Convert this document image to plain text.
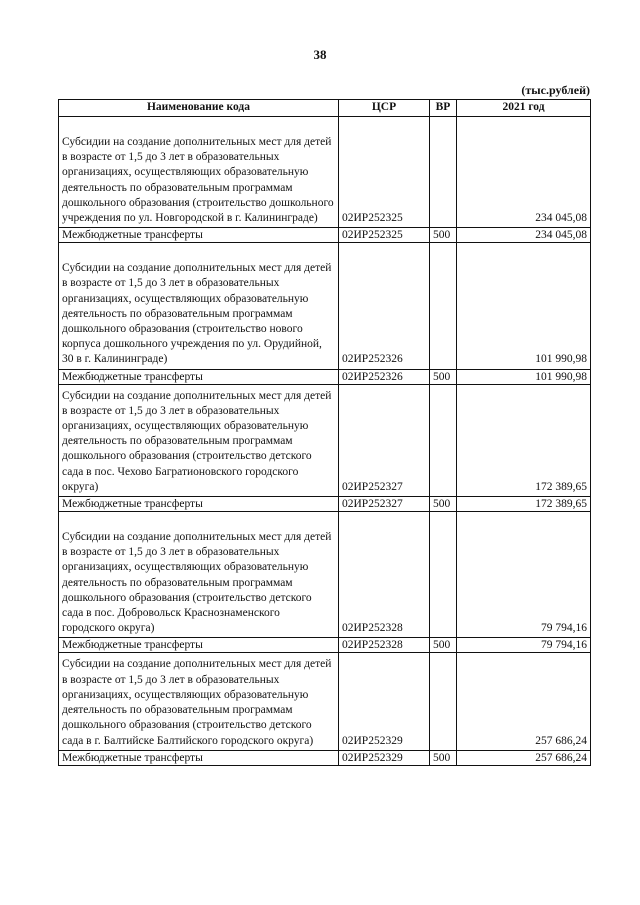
38
(тыс.рублей)
Наименование кода	ЦСР	ВР	2021 год
Субсидии на создание дополнительных мест для детей в возрасте от 1,5 до 3 лет в образовательных организациях, осуществляющих образовательную деятельность по образовательным программам дошкольного образования (строительство дошкольного учреждения по ул. Новгородской в г. Калининграде)	02ИР252325		234 045,08
Межбюджетные трансферты	02ИР252325	500	234 045,08
Субсидии на создание дополнительных мест для детей в возрасте от 1,5 до 3 лет в образовательных организациях, осуществляющих образовательную деятельность по образовательным программам дошкольного образования (строительство нового корпуса дошкольного учреждения по ул. Орудийной, 30 в г. Калининграде)	02ИР252326		101 990,98
Межбюджетные трансферты	02ИР252326	500	101 990,98
Субсидии на создание дополнительных мест для детей в возрасте от 1,5 до 3 лет в образовательных организациях, осуществляющих образовательную деятельность по образовательным программам дошкольного образования (строительство детского сада в пос. Чехово Багратионовского городского округа)	02ИР252327		172 389,65
Межбюджетные трансферты	02ИР252327	500	172 389,65
Субсидии на создание дополнительных мест для детей в возрасте от 1,5 до 3 лет в образовательных организациях, осуществляющих образовательную деятельность по образовательным программам дошкольного образования (строительство детского сада в пос. Добровольск Краснознаменского городского округа)	02ИР252328		79 794,16
Межбюджетные трансферты	02ИР252328	500	79 794,16
Субсидии на создание дополнительных мест для детей в возрасте от 1,5 до 3 лет в образовательных организациях, осуществляющих образовательную деятельность по образовательным программам дошкольного образования (строительство детского сада в г. Балтийске Балтийского городского округа)	02ИР252329		257 686,24
Межбюджетные трансферты	02ИР252329	500	257 686,24
